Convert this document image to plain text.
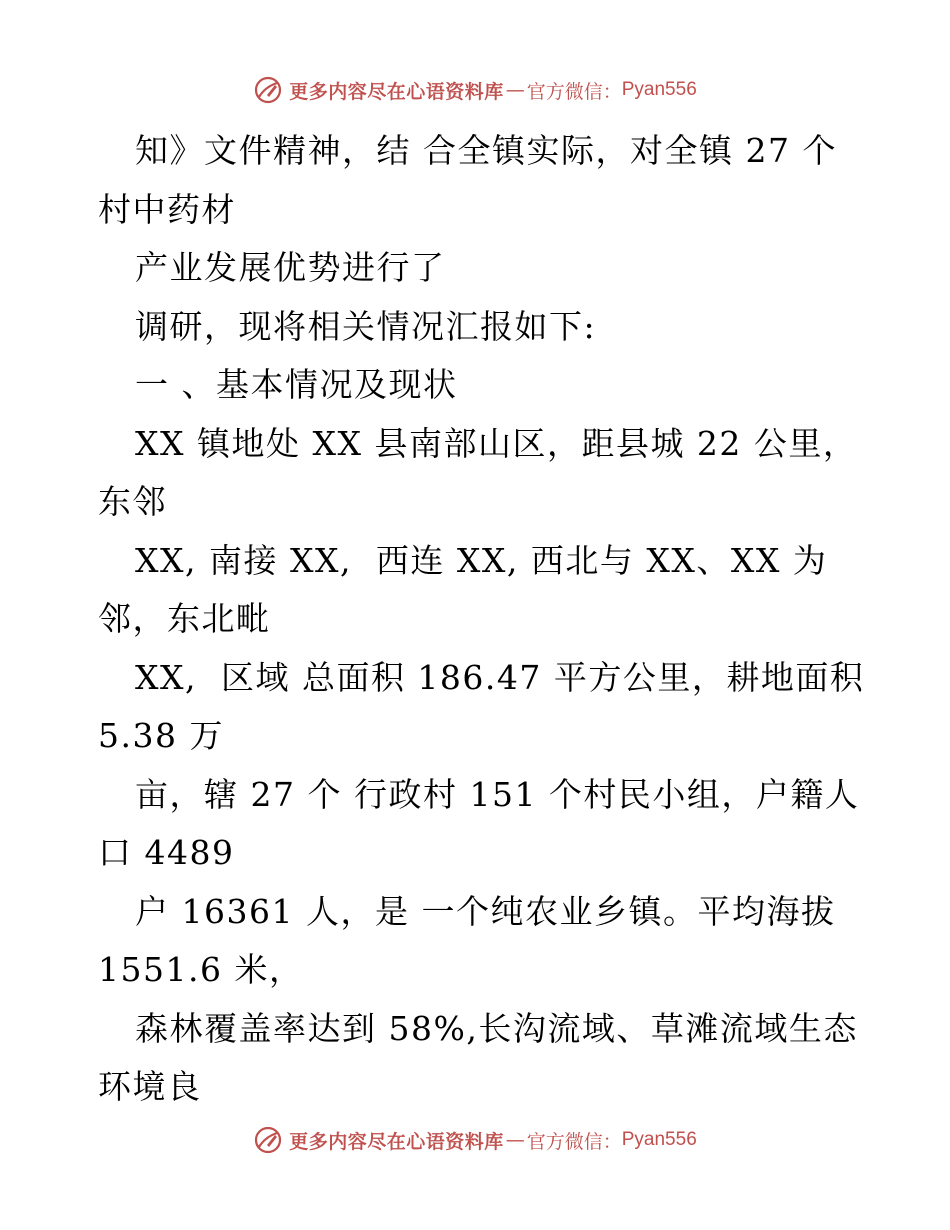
更多内容尽在心语资料库 — 官方微信： Pyan556
知》文件精神，结 合全镇实际，对全镇 27 个
村中药材
产业发展优势进行了
调研，现将相关情况汇报如下:
一 、基本情况及现状
XX 镇地处 XX 县南部山区，距县城 22 公里，
东邻
XX, 南接 XX,  西连 XX, 西北与 XX、XX 为
邻，东北毗
XX,  区域 总面积 186.47 平方公里，耕地面积
5.38 万
亩，辖 27 个 行政村 151 个村民小组，户籍人
口 4489
户 16361 人，是 一个纯农业乡镇。平均海拔
1551.6 米，
森林覆盖率达到 58%,长沟流域、草滩流域生态
环境良
更多内容尽在心语资料库 — 官方微信： Pyan556
